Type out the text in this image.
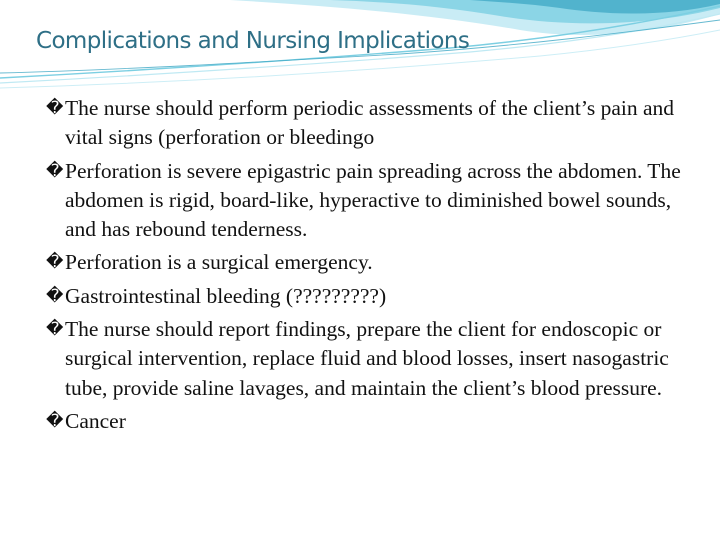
Complications and Nursing Implications
� The nurse should perform periodic assessments of the client’s pain and vital signs (perforation or bleedingo
� Perforation is severe epigastric pain spreading across the abdomen. The abdomen is rigid, board-like, hyperactive to diminished bowel sounds, and has rebound tenderness.
� Perforation is a surgical emergency.
� Gastrointestinal bleeding (?????????)
� The nurse should report findings, prepare the client for endoscopic or surgical intervention, replace fluid and blood losses, insert nasogastric tube, provide saline lavages, and maintain the client’s blood pressure.
� Cancer
